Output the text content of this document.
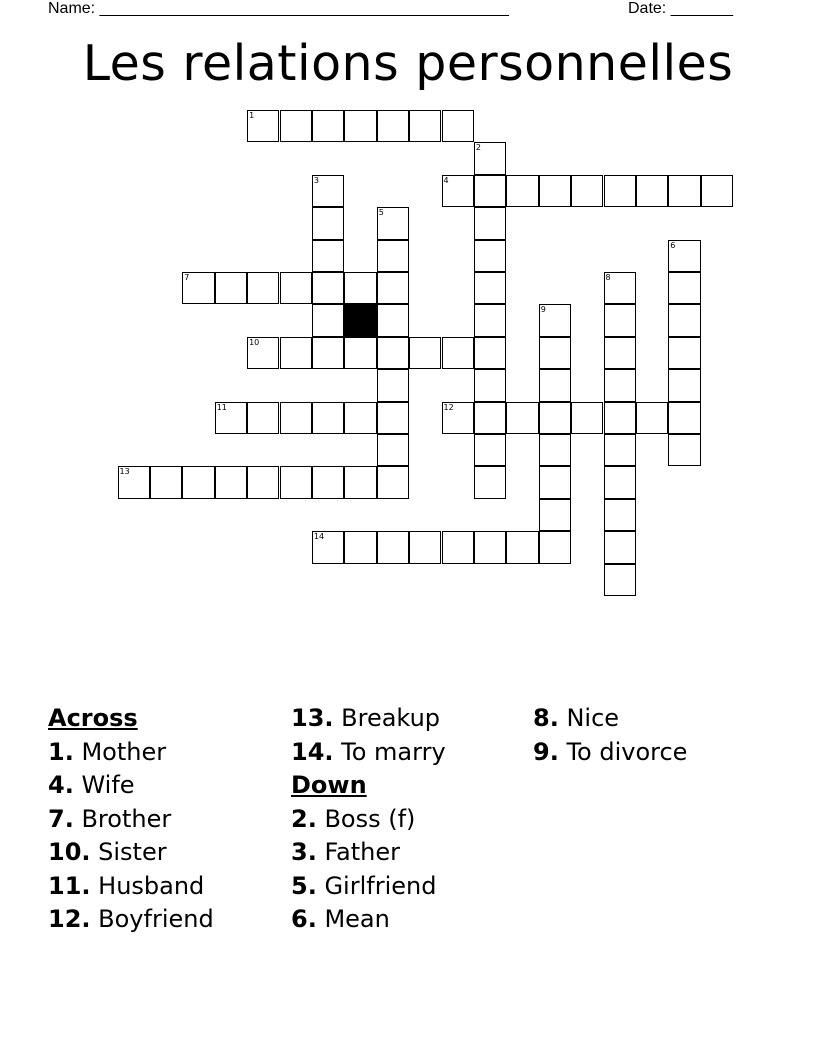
Name: ______________________________________________	Date: _______
Les relations personnelles
1
2
3	4
5
6
7	8
9
10
11	12
13
14
Across
1. Mother
4. Wife
7. Brother
10. Sister
11. Husband
12. Boyfriend
13. Breakup
14. To marry
Down
2. Boss (f)
3. Father
5. Girlfriend
6. Mean
8. Nice
9. To divorce
